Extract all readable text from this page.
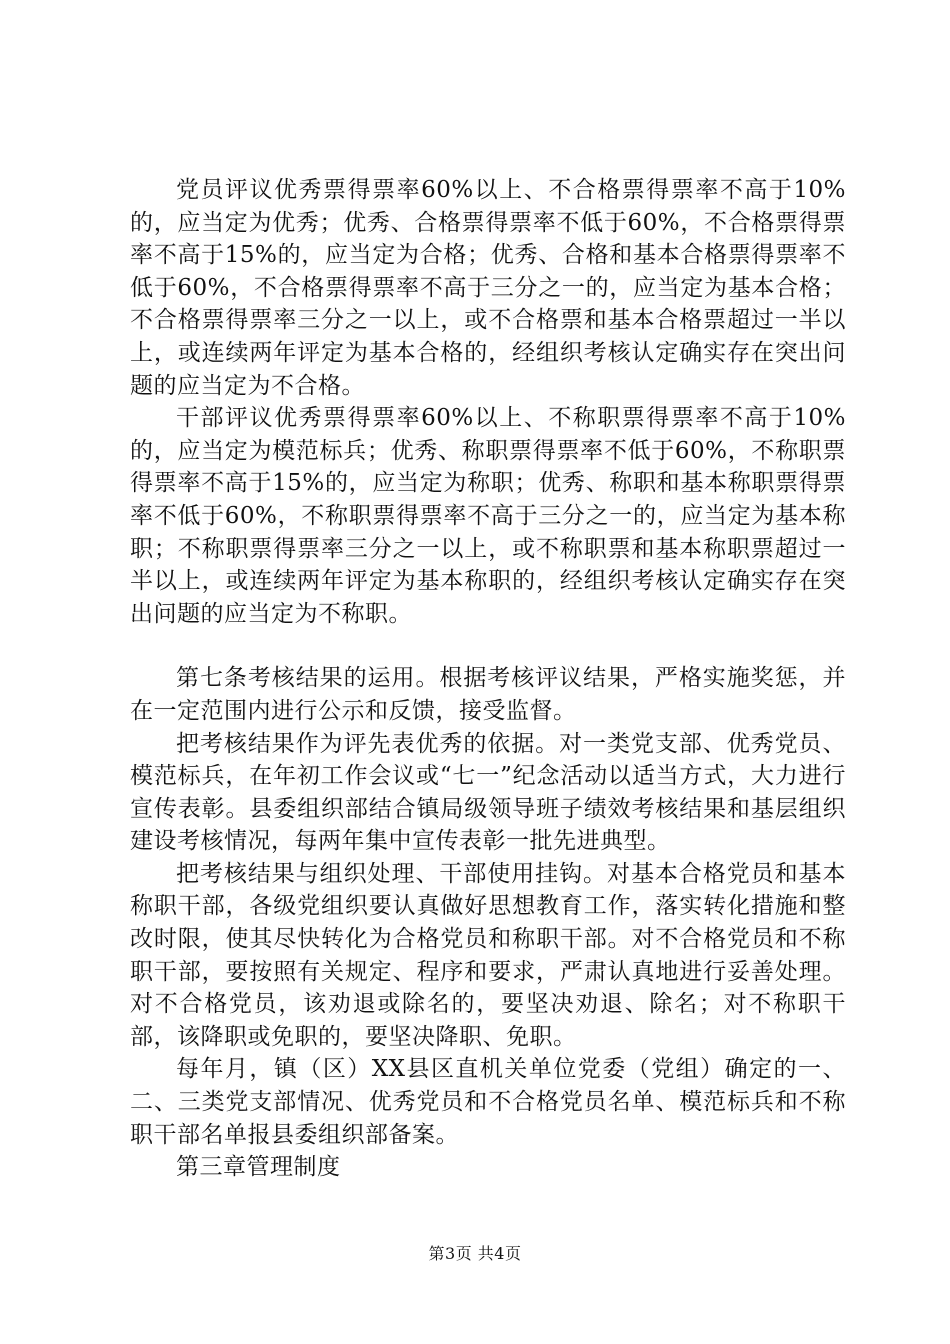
党员评议优秀票得票率60%以上、不合格票得票率不高于10%的，应当定为优秀；优秀、合格票得票率不低于60%，不合格票得票率不高于15%的，应当定为合格；优秀、合格和基本合格票得票率不低于60%，不合格票得票率不高于三分之一的，应当定为基本合格；不合格票得票率三分之一以上，或不合格票和基本合格票超过一半以上，或连续两年评定为基本合格的，经组织考核认定确实存在突出问题的应当定为不合格。

干部评议优秀票得票率60%以上、不称职票得票率不高于10%的，应当定为模范标兵；优秀、称职票得票率不低于60%，不称职票得票率不高于15%的，应当定为称职；优秀、称职和基本称职票得票率不低于60%，不称职票得票率不高于三分之一的，应当定为基本称职；不称职票得票率三分之一以上，或不称职票和基本称职票超过一半以上，或连续两年评定为基本称职的，经组织考核认定确实存在突出问题的应当定为不称职。

第七条考核结果的运用。根据考核评议结果，严格实施奖惩，并在一定范围内进行公示和反馈，接受监督。

把考核结果作为评先表优秀的依据。对一类党支部、优秀党员、模范标兵，在年初工作会议或“七一”纪念活动以适当方式，大力进行宣传表彰。县委组织部结合镇局级领导班子绩效考核结果和基层组织建设考核情况，每两年集中宣传表彰一批先进典型。

把考核结果与组织处理、干部使用挂钩。对基本合格党员和基本称职干部，各级党组织要认真做好思想教育工作，落实转化措施和整改时限，使其尽快转化为合格党员和称职干部。对不合格党员和不称职干部，要按照有关规定、程序和要求，严肃认真地进行妥善处理。对不合格党员，该劝退或除名的，要坚决劝退、除名；对不称职干部，该降职或免职的，要坚决降职、免职。

每年月，镇（区）XX县区直机关单位党委（党组）确定的一、二、三类党支部情况、优秀党员和不合格党员名单、模范标兵和不称职干部名单报县委组织部备案。

第三章管理制度

第3页 共4页
